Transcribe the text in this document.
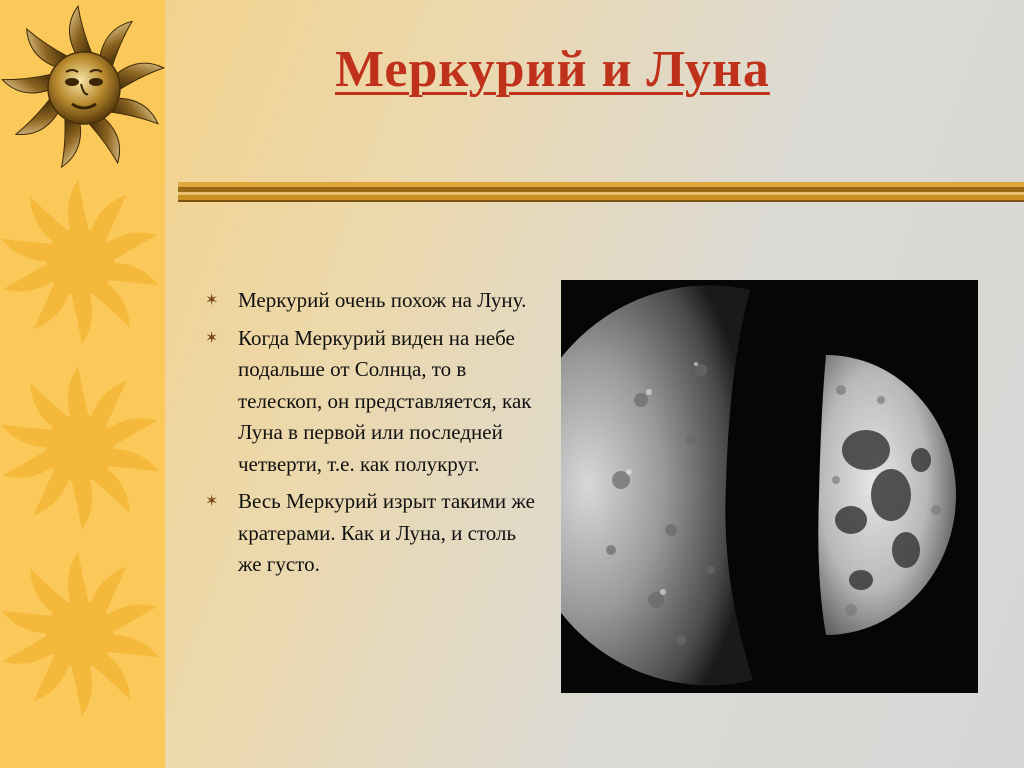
Меркурий и Луна
✶ Меркурий очень похож на Луну.
✶ Когда Меркурий виден на небе подальше от Солнца, то в телескоп, он представляется, как Луна в первой или последней четверти, т.е. как полукруг.
✶ Весь Меркурий изрыт такими же кратерами. Как и Луна, и столь же густо.
